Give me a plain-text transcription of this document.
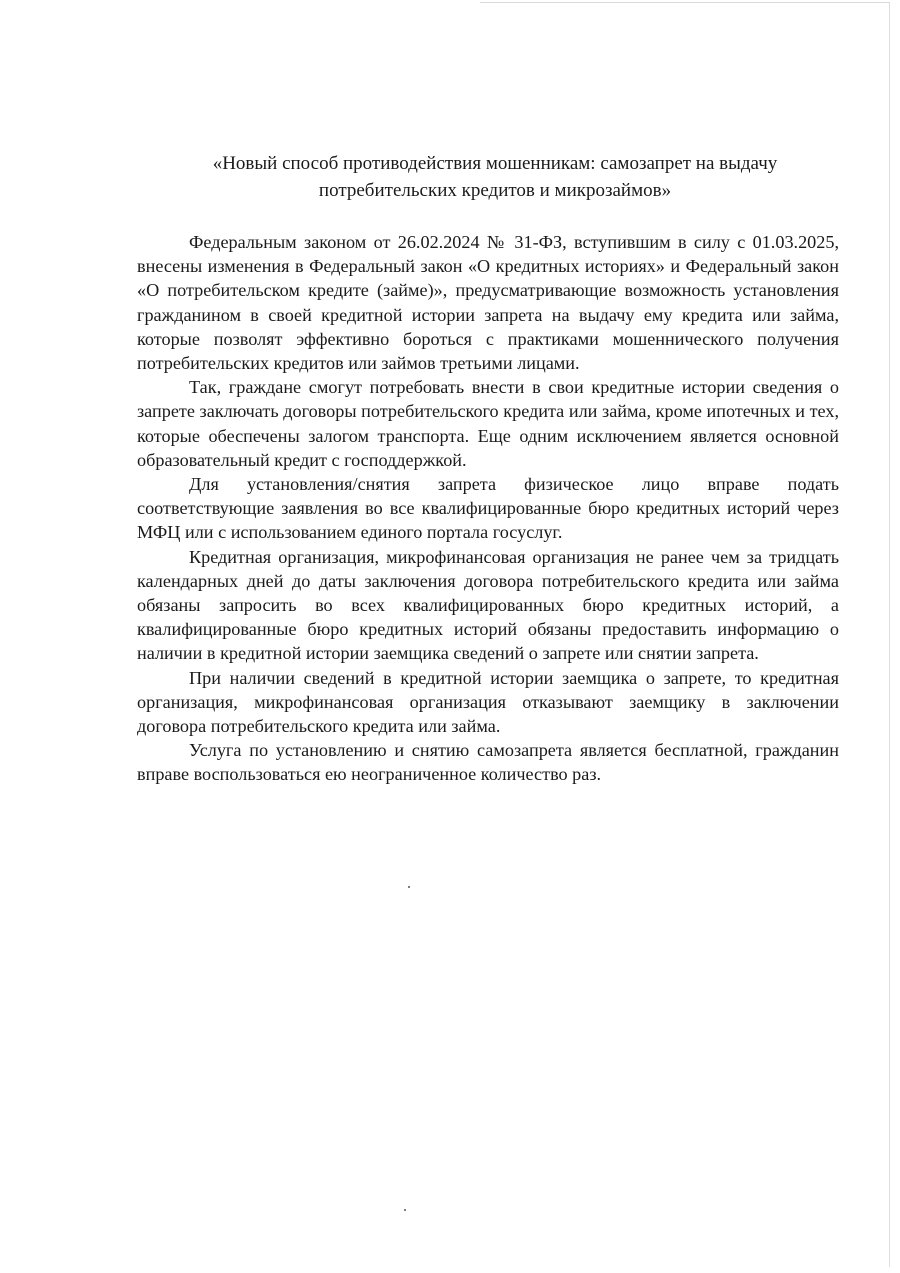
«Новый способ противодействия мошенникам: самозапрет на выдачу
потребительских кредитов и микрозаймов»

Федеральным законом от 26.02.2024 № 31-ФЗ, вступившим в силу с 01.03.2025, внесены изменения в Федеральный закон «О кредитных историях» и Федеральный закон «О потребительском кредите (займе)», предусматривающие возможность установления гражданином в своей кредитной истории запрета на выдачу ему кредита или займа, которые позволят эффективно бороться с практиками мошеннического получения потребительских кредитов или займов третьими лицами.

Так, граждане смогут потребовать внести в свои кредитные истории сведения о запрете заключать договоры потребительского кредита или займа, кроме ипотечных и тех, которые обеспечены залогом транспорта. Еще одним исключением является основной образовательный кредит с господдержкой.

Для установления/снятия запрета физическое лицо вправе подать соответствующие заявления во все квалифицированные бюро кредитных историй через МФЦ или с использованием единого портала госуслуг.

Кредитная организация, микрофинансовая организация не ранее чем за тридцать календарных дней до даты заключения договора потребительского кредита или займа обязаны запросить во всех квалифицированных бюро кредитных историй, а квалифицированные бюро кредитных историй обязаны предоставить информацию о наличии в кредитной истории заемщика сведений о запрете или снятии запрета.

При наличии сведений в кредитной истории заемщика о запрете, то кредитная организация, микрофинансовая организация отказывают заемщику в заключении договора потребительского кредита или займа.

Услуга по установлению и снятию самозапрета является бесплатной, гражданин вправе воспользоваться ею неограниченное количество раз.
